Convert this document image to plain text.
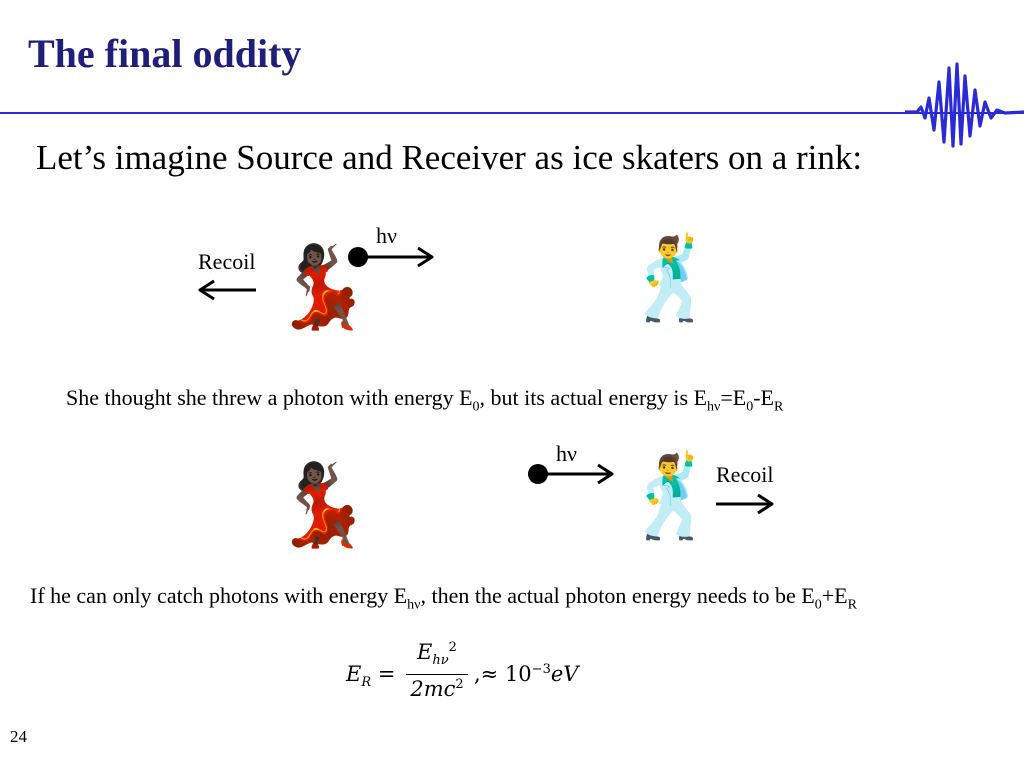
The final oddity
Let’s imagine Source and Receiver as ice skaters on a rink:
hν
Recoil 💃🏿	🕺
She thought she threw a photon with energy $E_0$, but its actual energy is $E_{h\nu}=E_0-E_R$
hν
Recoil
💃🏿	🕺
If he can only catch photons with energy $E_{h\nu}$, then the actual photon energy needs to be $E_0+E_R$
$E_R$ =
$E_{h\nu}^2$
$2mc^2$ ,≈ $10^{-3}eV$
24
